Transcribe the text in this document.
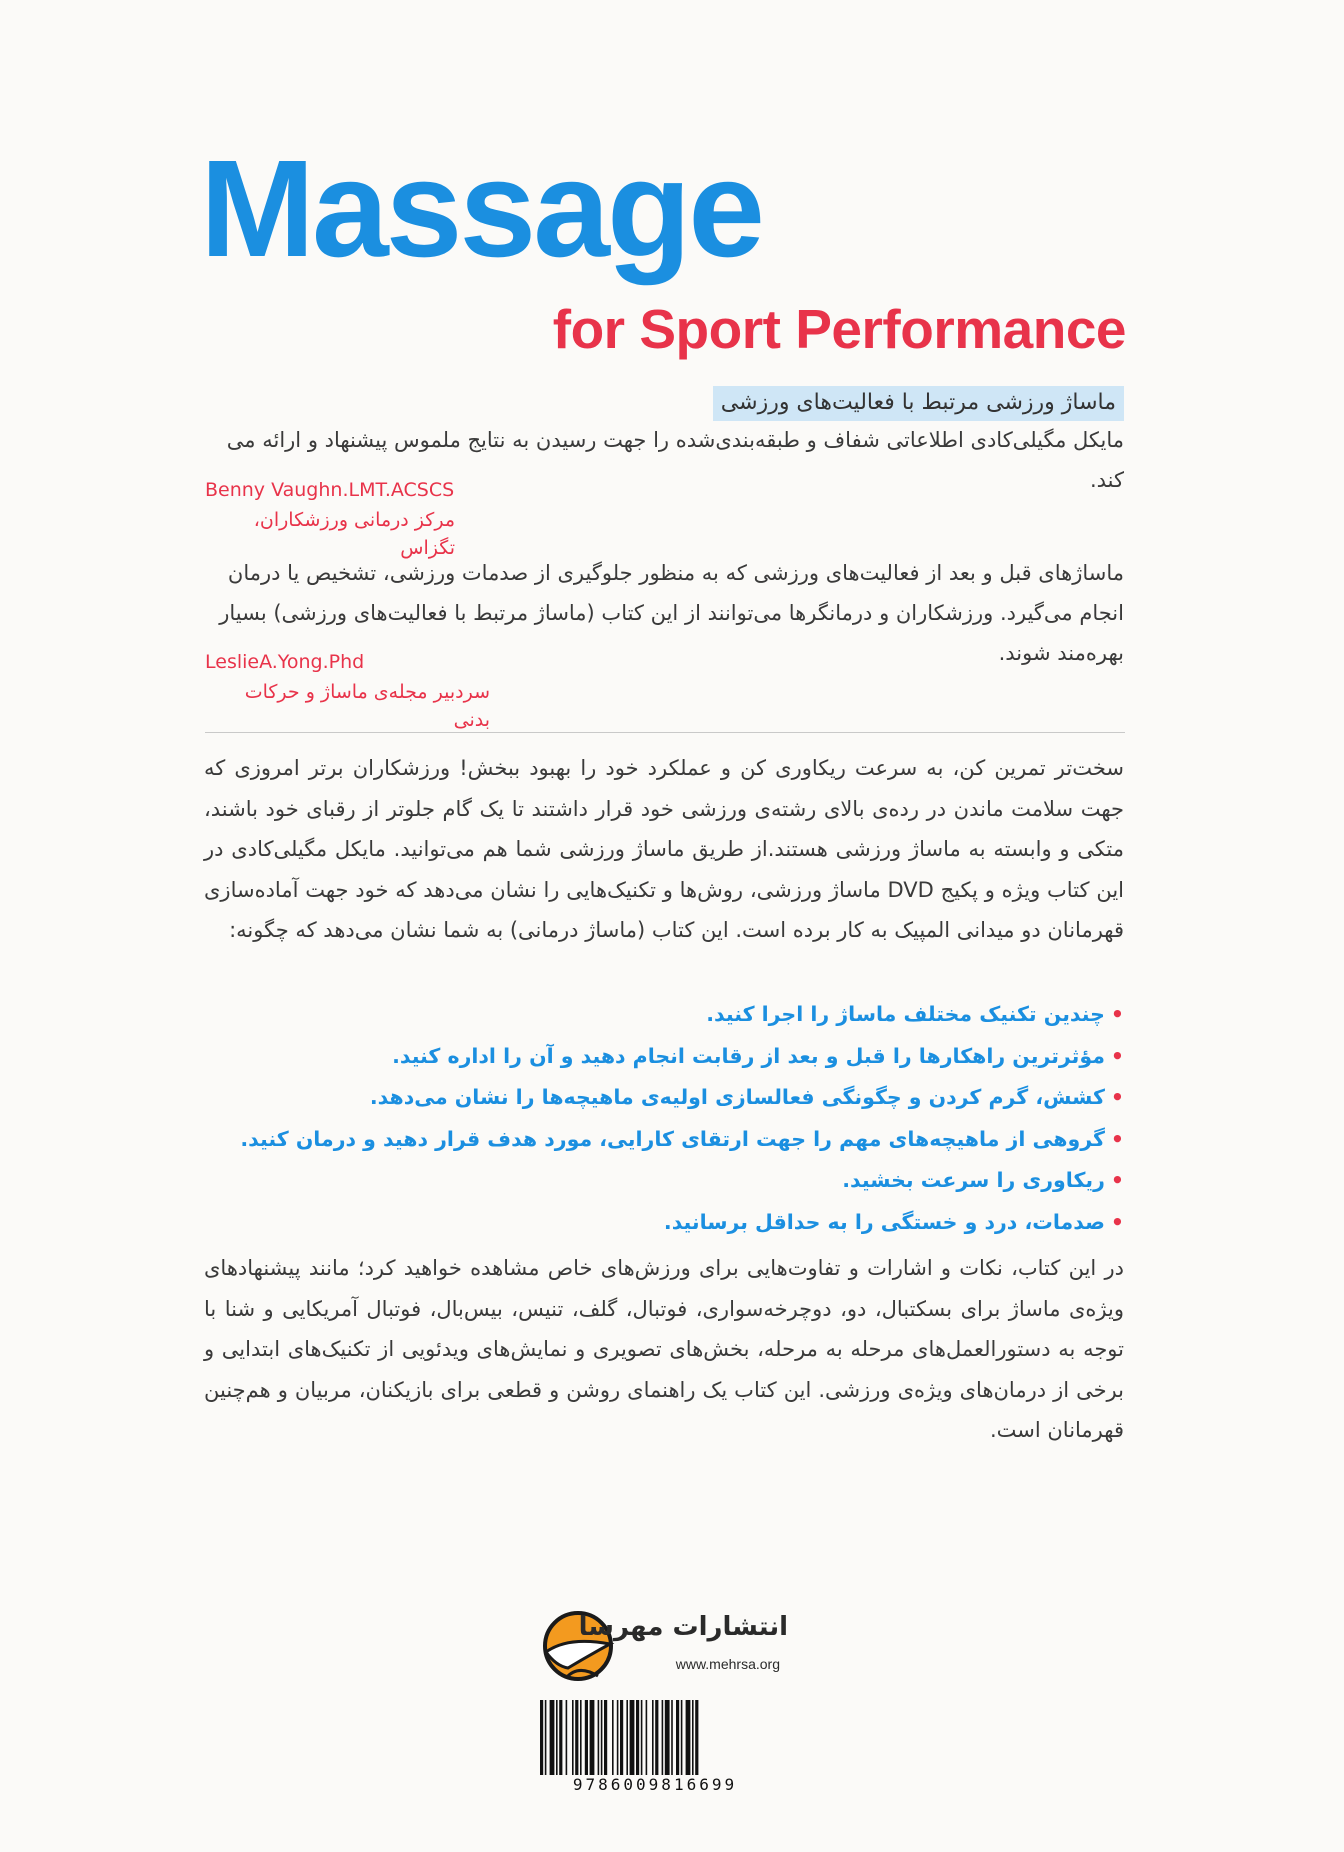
Massage
for Sport Performance
ماساژ ورزشی مرتبط با فعالیت‌های ورزشی
مایکل مگیلی‌کادی اطلاعاتی شفاف و طبقه‌بندی‌شده را جهت رسیدن به نتایج ملموس پیشنهاد و ارائه می کند.
Benny Vaughn.LMT.ACSCS
مرکز درمانی ورزشکاران، تگزاس
ماساژهای قبل و بعد از فعالیت‌های ورزشی که به منظور جلوگیری از صدمات ورزشی، تشخیص یا درمان انجام می‌گیرد. ورزشکاران و درمانگرها می‌توانند از این کتاب (ماساژ مرتبط با فعالیت‌های ورزشی) بسیار بهره‌مند شوند.
LeslieA.Yong.Phd
سردبیر مجله‌ی ماساژ و حرکات بدنی
سخت‌تر تمرین کن، به سرعت ریکاوری کن و عملکرد خود را بهبود ببخش! ورزشکاران برتر امروزی که جهت سلامت ماندن در رده‌ی بالای رشته‌ی ورزشی خود قرار داشتند تا یک گام جلوتر از رقبای خود باشند، متکی و وابسته به ماساژ ورزشی هستند.از طریق ماساژ ورزشی شما هم می‌توانید. مایکل مگیلی‌کادی در این کتاب ویژه و پکیج DVD ماساژ ورزشی، روش‌ها و تکنیک‌هایی را نشان می‌دهد که خود جهت آماده‌سازی قهرمانان دو میدانی المپیک به کار برده است. این کتاب (ماساژ درمانی) به شما نشان می‌دهد که چگونه:
•چندین تکنیک مختلف ماساژ را اجرا کنید.
•مؤثرترین راهکارها را قبل و بعد از رقابت انجام دهید و آن را اداره کنید.
•کشش، گرم کردن و چگونگی فعالسازی اولیه‌ی ماهیچه‌ها را نشان می‌دهد.
•گروهی از ماهیچه‌های مهم را جهت ارتقای کارایی، مورد هدف قرار دهید و درمان کنید.
•ریکاوری را سرعت بخشید.
•صدمات، درد و خستگی را به حداقل برسانید.
در این کتاب، نکات و اشارات و تفاوت‌هایی برای ورزش‌های خاص مشاهده خواهید کرد؛ مانند پیشنهادهای ویژه‌ی ماساژ برای بسکتبال، دو، دوچرخه‌سواری، فوتبال، گلف، تنیس، بیس‌بال، فوتبال آمریکایی و شنا با توجه به دستورالعمل‌های مرحله به مرحله، بخش‌های تصویری و نمایش‌های ویدئویی از تکنیک‌های ابتدایی و برخی از درمان‌های ویژه‌ی ورزشی. این کتاب یک راهنمای روشن و قطعی برای بازیکنان، مربیان و هم‌چنین قهرمانان است.
انتشارات مهرسا
www.mehrsa.org
9786009816699
